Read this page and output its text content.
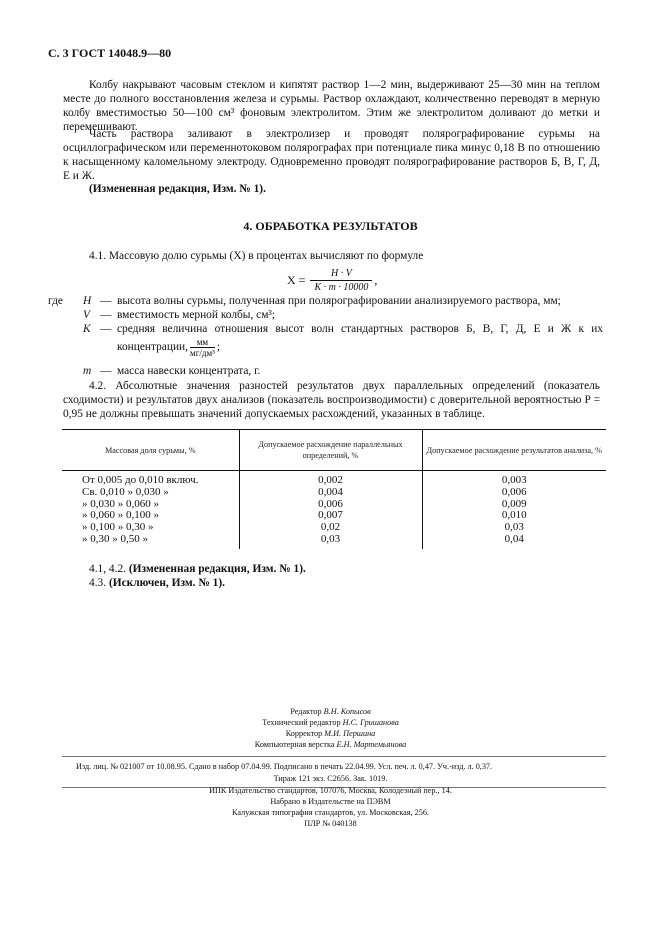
С. 3 ГОСТ 14048.9—80

Колбу накрывают часовым стеклом и кипятят раствор 1—2 мин, выдерживают 25—30 мин на теплом месте до полного восстановления железа и сурьмы. Раствор охлаждают, количественно переводят в мерную колбу вместимостью 50—100 см³ фоновым электролитом. Этим же электролитом доливают до метки и перемешивают.

Часть раствора заливают в электролизер и проводят полярографирование сурьмы на осциллографическом или переменнотоковом полярографах при потенциале пика минус 0,18 В по отношению к насыщенному каломельному электроду. Одновременно проводят полярографирование растворов Б, В, Г, Д, Е и Ж.

(Измененная редакция, Изм. № 1).

4. ОБРАБОТКА РЕЗУЛЬТАТОВ

4.1. Массовую долю сурьмы (X) в процентах вычисляют по формуле

$X = \frac{H \cdot V}{K \cdot m \cdot 10000}$ ,
где H — высота волны сурьмы, полученная при полярографировании анализируемого раствора, мм;
V — вместимость мерной колбы, см³;
K — средняя величина отношения высот волн стандартных растворов Б, В, Г, Д, Е и Ж к их концентрации, мм
мг/дм³ ;
m — масса навески концентрата, г.

4.2. Абсолютные значения разностей результатов двух параллельных определений (показатель сходимости) и результатов двух анализов (показатель воспроизводимости) с доверительной вероятностью P = 0,95 не должны превышать значений допускаемых расхождений, указанных в таблице.

Массовая доля сурьмы, %	Допускаемое расхождение параллельных определений, %	Допускаемое расхождение результатов анализа, %
От 0,005 до 0,010 включ.	0,002	0,003
Св. 0,010 » 0,030 »	0,004	0,006
» 0,030 » 0,060 »	0,006	0,009
» 0,060 » 0,100 »	0,007	0,010
» 0,100 » 0,30 »	0,02	0,03
» 0,30 » 0,50 »	0,03	0,04

4.1, 4.2. (Измененная редакция, Изм. № 1).

4.3. (Исключен, Изм. № 1).

Редактор В.Н. Копысов
Технический редактор Н.С. Гришанова
Корректор М.И. Першина
Компьютерная верстка Е.Н. Мартемьянова
Изд. лиц. № 021007 от 10.08.95. Сдано в набор 07.04.99. Подписано в печать 22.04.99. Усл. печ. л. 0,47. Уч.-изд. л. 0,37.
Тираж 121 экз. С2656. Зак. 1019.
ИПК Издательство стандартов, 107076, Москва, Колодезный пер., 14.
Набрано в Издательстве на ПЭВМ
Калужская типография стандартов, ул. Московская, 256.
ПЛР № 040138
